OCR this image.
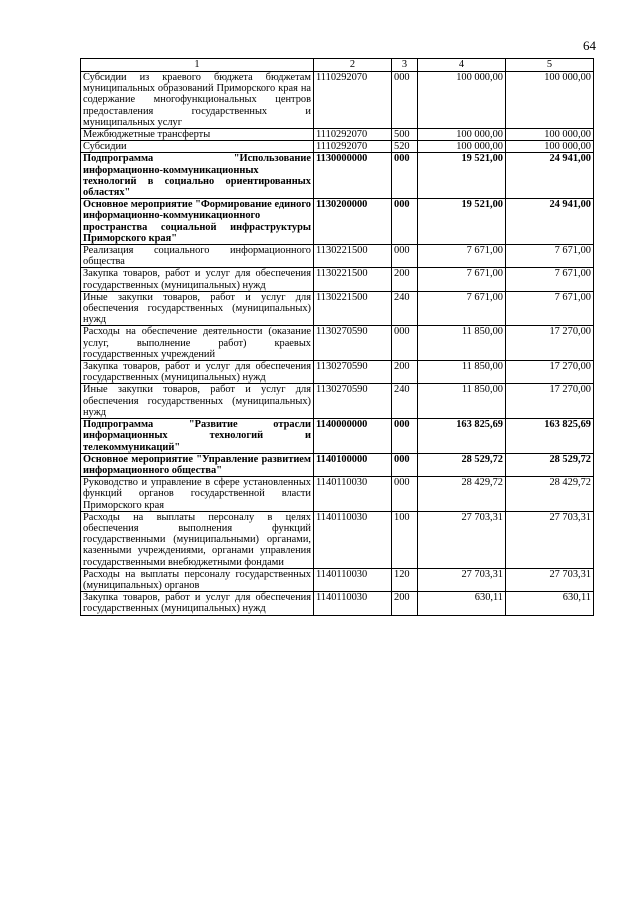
64
1	2	3	4	5
Субсидии из краевого бюджета бюджетам муниципальных образований Приморского края на содержание многофункциональных центров предоставления государственных и муниципальных услуг	1110292070	000	100 000,00	100 000,00
Межбюджетные трансферты	1110292070	500	100 000,00	100 000,00
Субсидии	1110292070	520	100 000,00	100 000,00
Подпрограмма "Использование информационно-коммуникационных технологий в социально ориентированных областях"	1130000000	000	19 521,00	24 941,00
Основное мероприятие "Формирование единого информационно-коммуникационного пространства социальной инфраструктуры Приморского края"	1130200000	000	19 521,00	24 941,00
Реализация социального информационного общества	1130221500	000	7 671,00	7 671,00
Закупка товаров, работ и услуг для обеспечения государственных (муниципальных) нужд	1130221500	200	7 671,00	7 671,00
Иные закупки товаров, работ и услуг для обеспечения государственных (муниципальных) нужд	1130221500	240	7 671,00	7 671,00
Расходы на обеспечение деятельности (оказание услуг, выполнение работ) краевых государственных учреждений	1130270590	000	11 850,00	17 270,00
Закупка товаров, работ и услуг для обеспечения государственных (муниципальных) нужд	1130270590	200	11 850,00	17 270,00
Иные закупки товаров, работ и услуг для обеспечения государственных (муниципальных) нужд	1130270590	240	11 850,00	17 270,00
Подпрограмма "Развитие отрасли информационных технологий и телекоммуникаций"	1140000000	000	163 825,69	163 825,69
Основное мероприятие "Управление развитием информационного общества"	1140100000	000	28 529,72	28 529,72
Руководство и управление в сфере установленных функций органов государственной власти Приморского края	1140110030	000	28 429,72	28 429,72
Расходы на выплаты персоналу в целях обеспечения выполнения функций государственными (муниципальными) органами, казенными учреждениями, органами управления государственными внебюджетными фондами	1140110030	100	27 703,31	27 703,31
Расходы на выплаты персоналу государственных (муниципальных) органов	1140110030	120	27 703,31	27 703,31
Закупка товаров, работ и услуг для обеспечения государственных (муниципальных) нужд	1140110030	200	630,11	630,11
